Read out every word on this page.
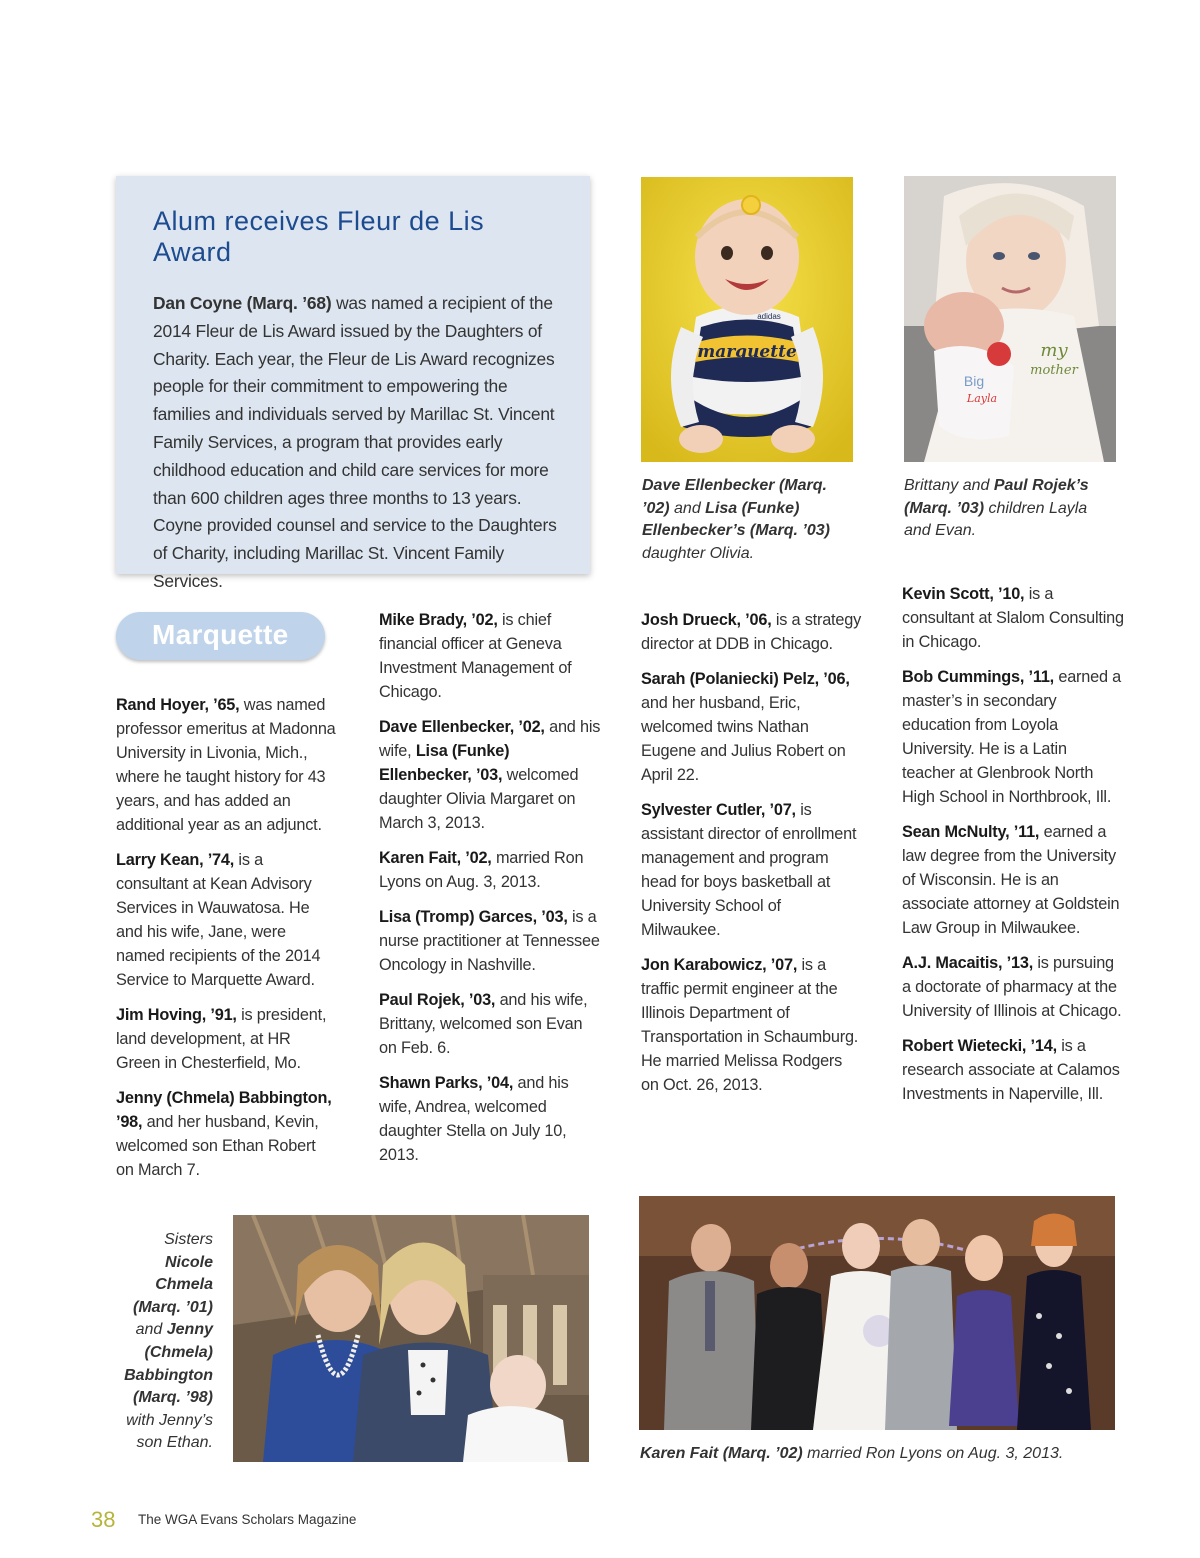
Alum receives Fleur de Lis Award

Dan Coyne (Marq. ’68) was named a recipient of the 2014 Fleur de Lis Award issued by the Daughters of Charity. Each year, the Fleur de Lis Award recognizes people for their commitment to empowering the families and individuals served by Marillac St. Vincent Family Services, a program that provides early childhood education and child care services for more than 600 children ages three months to 13 years. Coyne provided counsel and service to the Daughters of Charity, including Marillac St. Vincent Family Services.

marquette
adidas
Dave Ellenbecker (Marq. ’02) and Lisa (Funke) Ellenbecker’s (Marq. ’03) daughter Olivia.
my
mother
Big
Layla
Brittany and Paul Rojek’s (Marq. ’03) children Layla and Evan.
Marquette

Rand Hoyer, ’65, was named professor emeritus at Madonna University in Livonia, Mich., where he taught history for 43 years, and has added an additional year as an adjunct.

Larry Kean, ’74, is a consultant at Kean Advisory Services in Wauwatosa. He and his wife, Jane, were named recipients of the 2014 Service to Marquette Award.

Jim Hoving, ’91, is president, land development, at HR Green in Chesterfield, Mo.

Jenny (Chmela) Babbington, ’98, and her husband, Kevin, welcomed son Ethan Robert on March 7.

Mike Brady, ’02, is chief financial officer at Geneva Investment Management of Chicago.

Dave Ellenbecker, ’02, and his wife, Lisa (Funke) Ellenbecker, ’03, welcomed daughter Olivia Margaret on March 3, 2013.

Karen Fait, ’02, married Ron Lyons on Aug. 3, 2013.

Lisa (Tromp) Garces, ’03, is a nurse practitioner at Tennessee Oncology in Nashville.

Paul Rojek, ’03, and his wife, Brittany, welcomed son Evan on Feb. 6.

Shawn Parks, ’04, and his wife, Andrea, welcomed daughter Stella on July 10, 2013.

Josh Drueck, ’06, is a strategy director at DDB in Chicago.

Sarah (Polaniecki) Pelz, ’06, and her husband, Eric, welcomed twins Nathan Eugene and Julius Robert on April 22.

Sylvester Cutler, ’07, is assistant director of enrollment management and program head for boys basketball at University School of Milwaukee.

Jon Karabowicz, ’07, is a traffic permit engineer at the Illinois Department of Transportation in Schaumburg. He married Melissa Rodgers on Oct. 26, 2013.

Kevin Scott, ’10, is a consultant at Slalom Consulting in Chicago.

Bob Cummings, ’11, earned a master’s in secondary education from Loyola University. He is a Latin teacher at Glenbrook North High School in Northbrook, Ill.

Sean McNulty, ’11, earned a law degree from the University of Wisconsin. He is an associate attorney at Goldstein Law Group in Milwaukee.

A.J. Macaitis, ’13, is pursuing a doctorate of pharmacy at the University of Illinois at Chicago.

Robert Wietecki, ’14, is a research associate at Calamos Investments in Naperville, Ill.

Sisters Nicole Chmela (Marq. ’01) and Jenny (Chmela) Babbington (Marq. ’98) with Jenny’s son Ethan.
Karen Fait (Marq. ’02) married Ron Lyons on Aug. 3, 2013.
38 The WGA Evans Scholars Magazine
